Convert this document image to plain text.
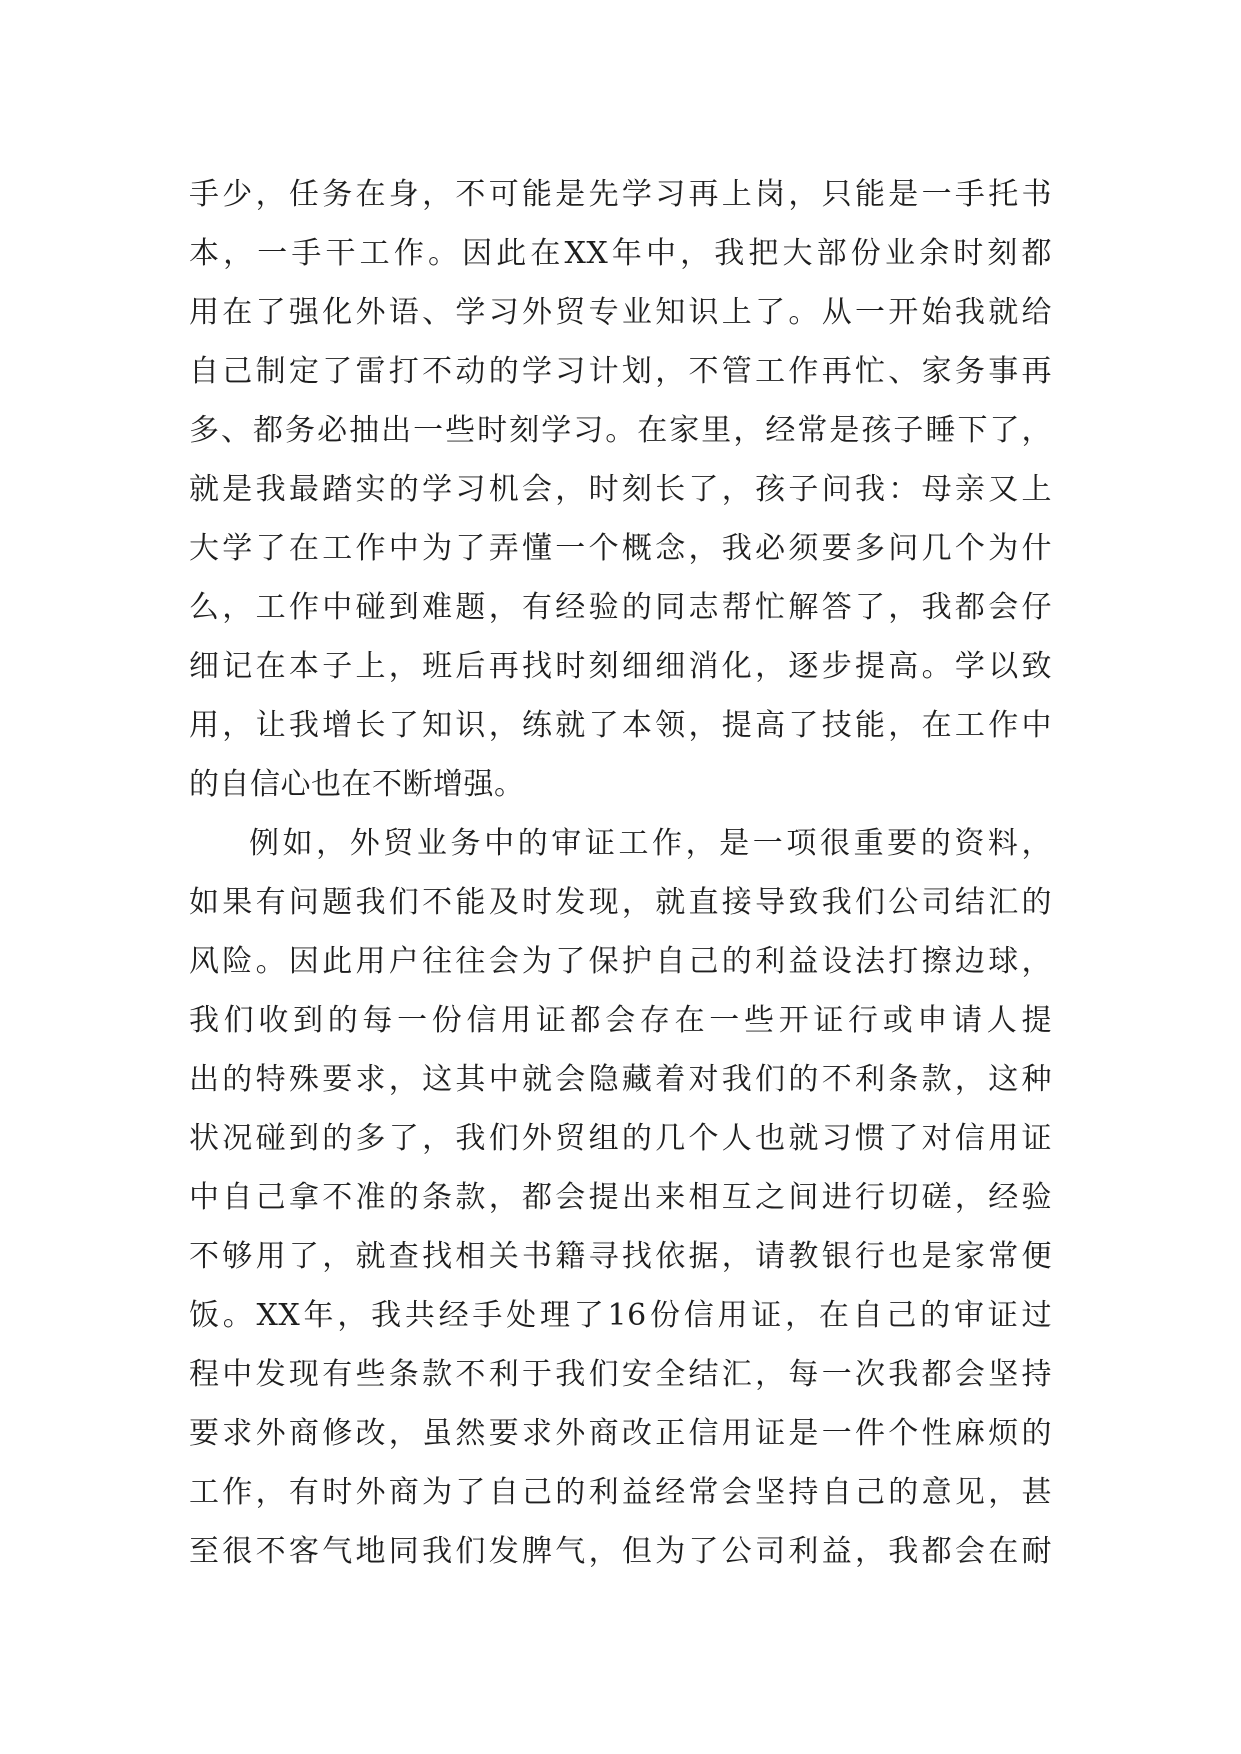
手少，任务在身，不可能是先学习再上岗，只能是一手托书
本，一手干工作。因此在XX年中，我把大部份业余时刻都
用在了强化外语、学习外贸专业知识上了。从一开始我就给
自己制定了雷打不动的学习计划，不管工作再忙、家务事再
多、都务必抽出一些时刻学习。在家里，经常是孩子睡下了，
就是我最踏实的学习机会，时刻长了，孩子问我：母亲又上
大学了在工作中为了弄懂一个概念，我必须要多问几个为什
么，工作中碰到难题，有经验的同志帮忙解答了，我都会仔
细记在本子上，班后再找时刻细细消化，逐步提高。学以致
用，让我增长了知识，练就了本领，提高了技能，在工作中
的自信心也在不断增强。
例如，外贸业务中的审证工作，是一项很重要的资料，
如果有问题我们不能及时发现，就直接导致我们公司结汇的
风险。因此用户往往会为了保护自己的利益设法打擦边球，
我们收到的每一份信用证都会存在一些开证行或申请人提
出的特殊要求，这其中就会隐藏着对我们的不利条款，这种
状况碰到的多了，我们外贸组的几个人也就习惯了对信用证
中自己拿不准的条款，都会提出来相互之间进行切磋，经验
不够用了，就查找相关书籍寻找依据，请教银行也是家常便
饭。XX年，我共经手处理了16份信用证，在自己的审证过
程中发现有些条款不利于我们安全结汇，每一次我都会坚持
要求外商修改，虽然要求外商改正信用证是一件个性麻烦的
工作，有时外商为了自己的利益经常会坚持自己的意见，甚
至很不客气地同我们发脾气，但为了公司利益，我都会在耐
